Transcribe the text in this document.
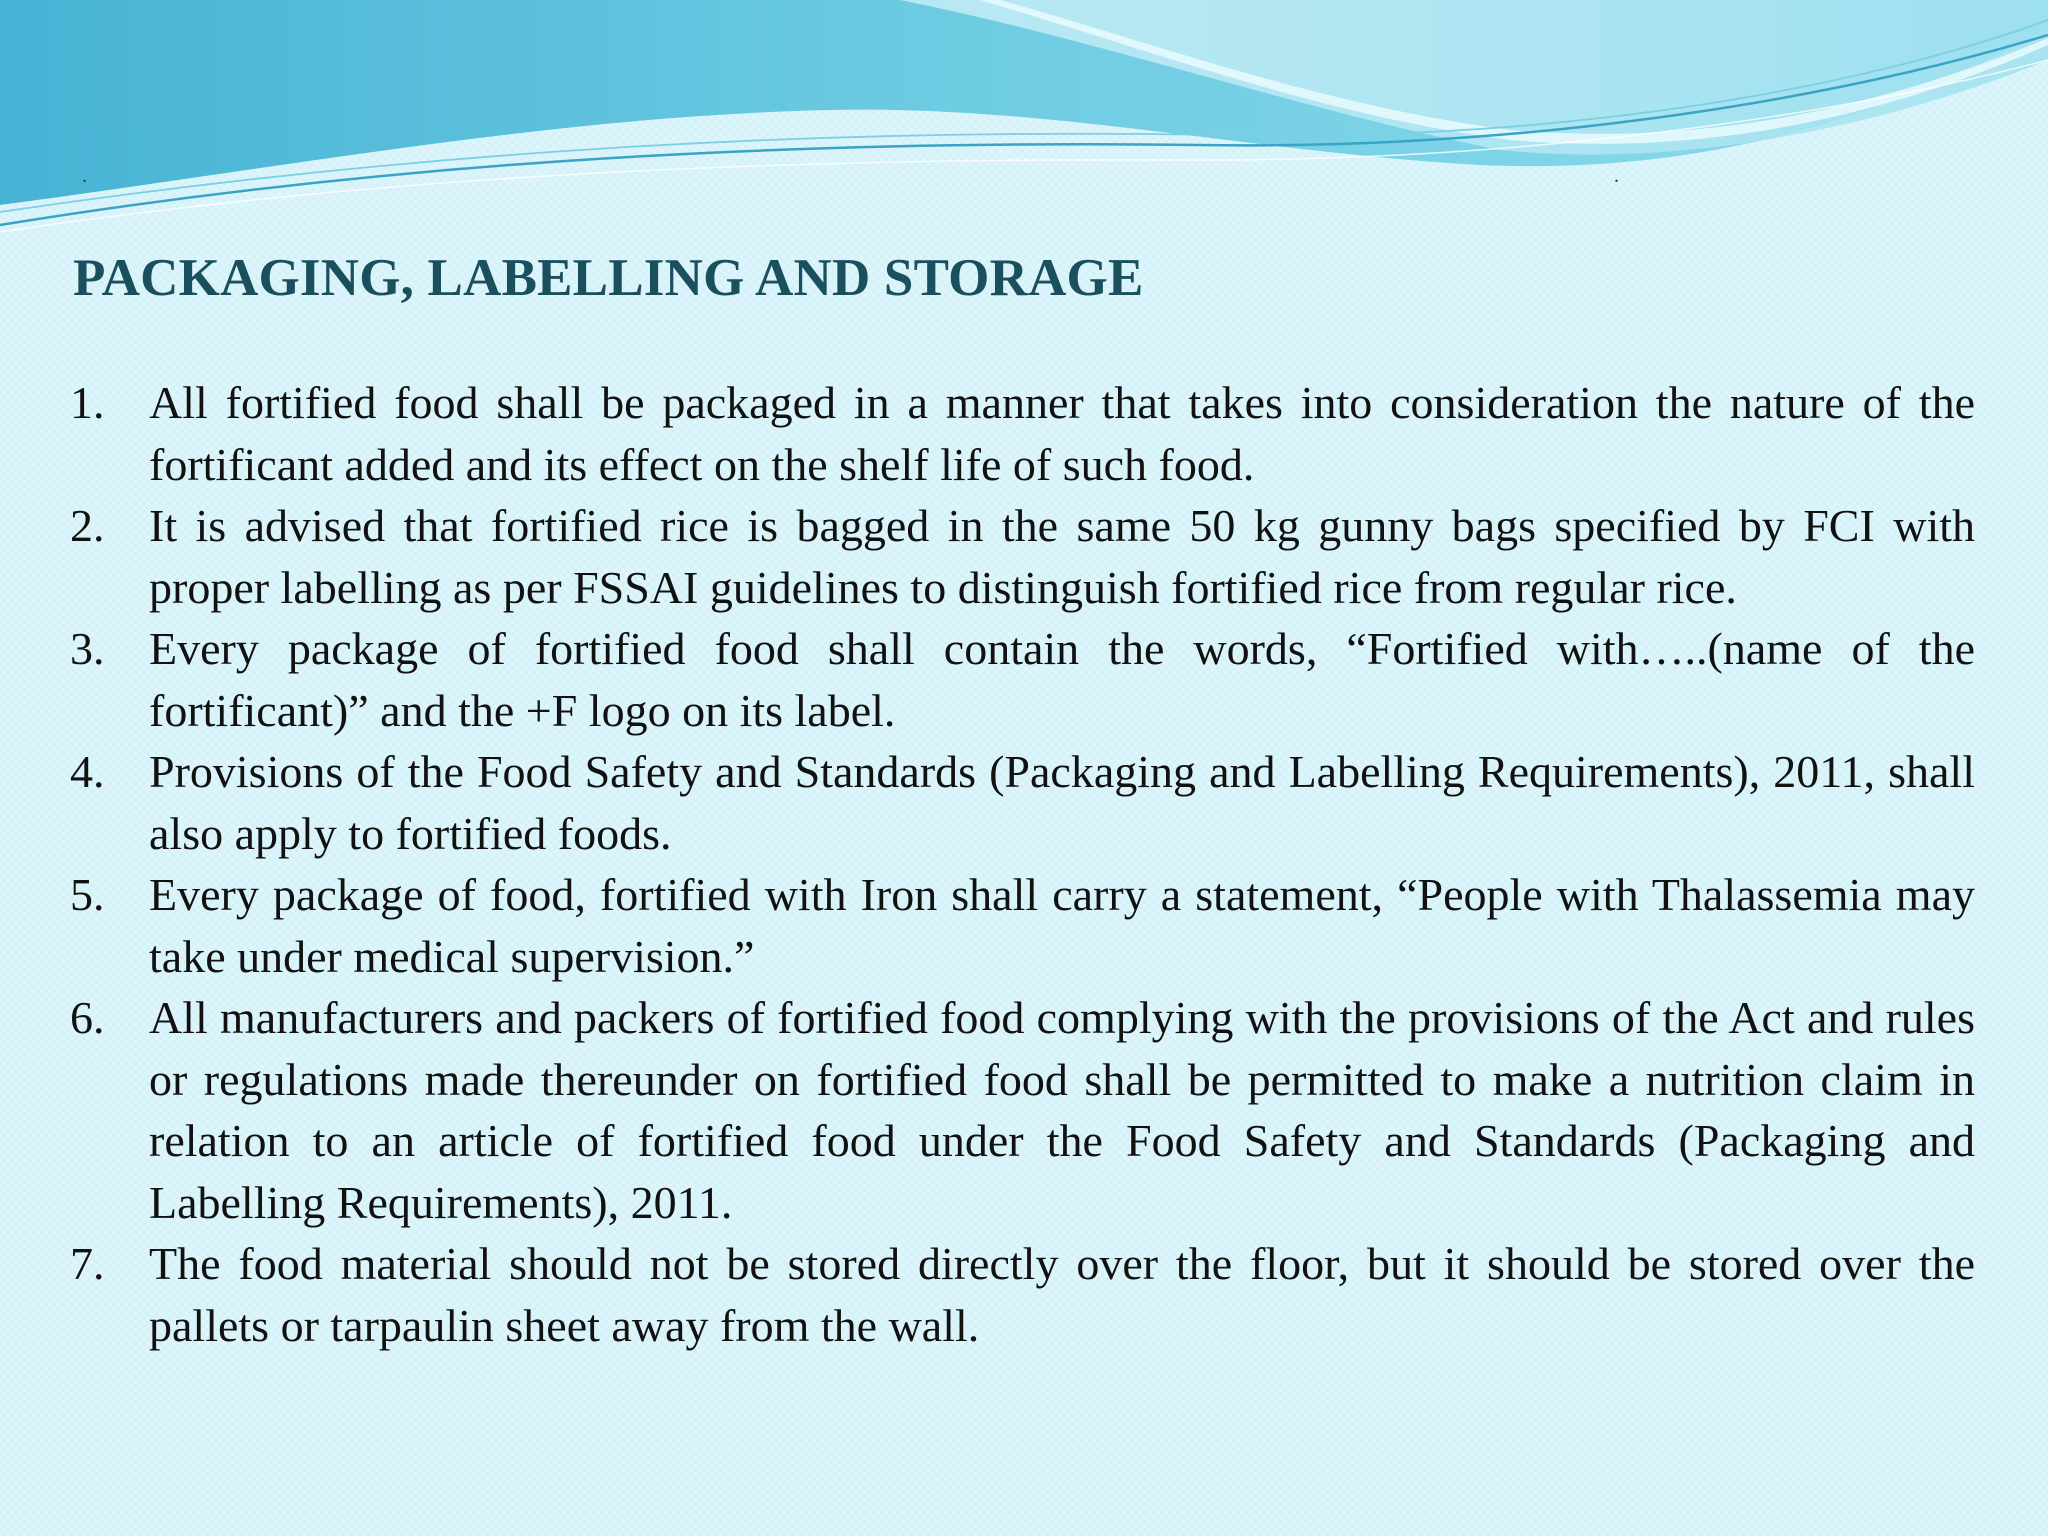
.	.
PACKAGING, LABELLING AND STORAGE
1. All fortified food shall be packaged in a manner that takes into consideration the nature of the fortificant added and its effect on the shelf life of such food.
2. It is advised that fortified rice is bagged in the same 50 kg gunny bags specified by FCI with proper labelling as per FSSAI guidelines to distinguish fortified rice from regular rice.
3. Every package of fortified food shall contain the words, “Fortified with…..(name of the fortificant)” and the +F logo on its label.
4. Provisions of the Food Safety and Standards (Packaging and Labelling Requirements), 2011, shall also apply to fortified foods.
5. Every package of food, fortified with Iron shall carry a statement, “People with Thalassemia may take under medical supervision.”
6. All manufacturers and packers of fortified food complying with the provisions of the Act and rules or regulations made thereunder on fortified food shall be permitted to make a nutrition claim in relation to an article of fortified food under the Food Safety and Standards (Packaging and Labelling Requirements), 2011.
7. The food material should not be stored directly over the floor, but it should be stored over the pallets or tarpaulin sheet away from the wall.
